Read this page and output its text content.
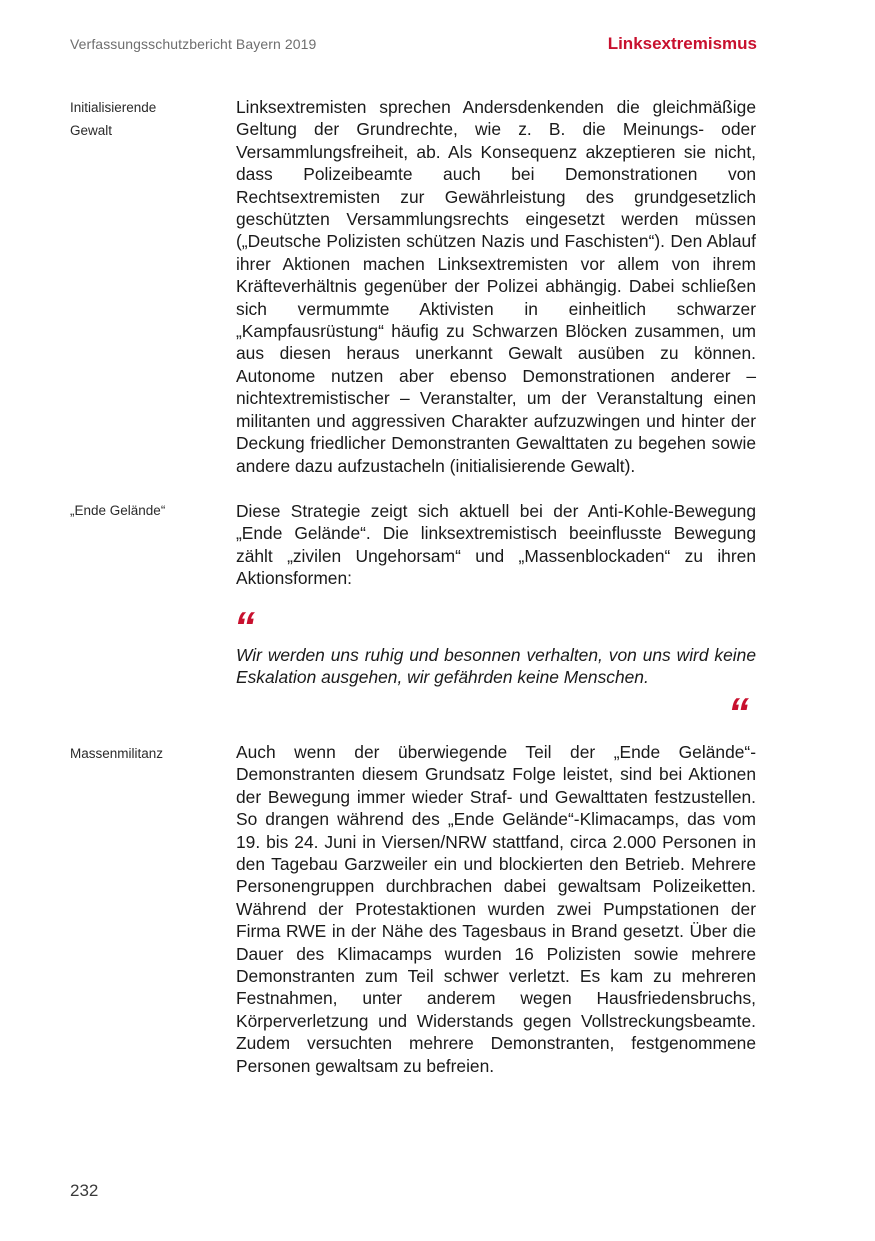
Verfassungsschutzbericht Bayern 2019	Linksextremismus
Initialisierende Gewalt
Linksextremisten sprechen Andersdenkenden die gleichmäßige Geltung der Grundrechte, wie z. B. die Meinungs- oder Versammlungsfreiheit, ab. Als Konsequenz akzeptieren sie nicht, dass Polizeibeamte auch bei Demonstrationen von Rechtsextremisten zur Gewährleistung des grundgesetzlich geschützten Versammlungsrechts eingesetzt werden müssen („Deutsche Polizisten schützen Nazis und Faschisten“). Den Ablauf ihrer Aktionen machen Linksextremisten vor allem von ihrem Kräfteverhältnis gegenüber der Polizei abhängig. Dabei schließen sich vermummte Aktivisten in einheitlich schwarzer „Kampfausrüstung“ häufig zu Schwarzen Blöcken zusammen, um aus diesen heraus unerkannt Gewalt ausüben zu können. Autonome nutzen aber ebenso Demonstrationen anderer – nichtextremistischer – Veranstalter, um der Veranstaltung einen militanten und aggressiven Charakter aufzuzwingen und hinter der Deckung friedlicher Demonstranten Gewalttaten zu begehen sowie andere dazu aufzustacheln (initialisierende Gewalt).
„Ende Gelände“	Diese Strategie zeigt sich aktuell bei der Anti-Kohle-Bewegung „Ende Gelände“. Die linksextremistisch beeinflusste Bewegung zählt „zivilen Ungehorsam“ und „Massenblockaden“ zu ihren Aktionsformen:
“
Wir werden uns ruhig und besonnen verhalten, von uns wird keine Eskalation ausgehen, wir gefährden keine Menschen.
“
Massenmilitanz	Auch wenn der überwiegende Teil der „Ende Gelände“-Demonstranten diesem Grundsatz Folge leistet, sind bei Aktionen der Bewegung immer wieder Straf- und Gewalttaten festzustellen. So drangen während des „Ende Gelände“-Klimacamps, das vom 19. bis 24. Juni in Viersen/NRW stattfand, circa 2.000 Personen in den Tagebau Garzweiler ein und blockierten den Betrieb. Mehrere Personengruppen durchbrachen dabei gewaltsam Polizeiketten. Während der Protestaktionen wurden zwei Pumpstationen der Firma RWE in der Nähe des Tagesbaus in Brand gesetzt. Über die Dauer des Klimacamps wurden 16 Polizisten sowie mehrere Demonstranten zum Teil schwer verletzt. Es kam zu mehreren Festnahmen, unter anderem wegen Hausfriedensbruchs, Körperverletzung und Widerstands gegen Vollstreckungsbeamte. Zudem versuchten mehrere Demonstranten, festgenommene Personen gewaltsam zu befreien.
232
